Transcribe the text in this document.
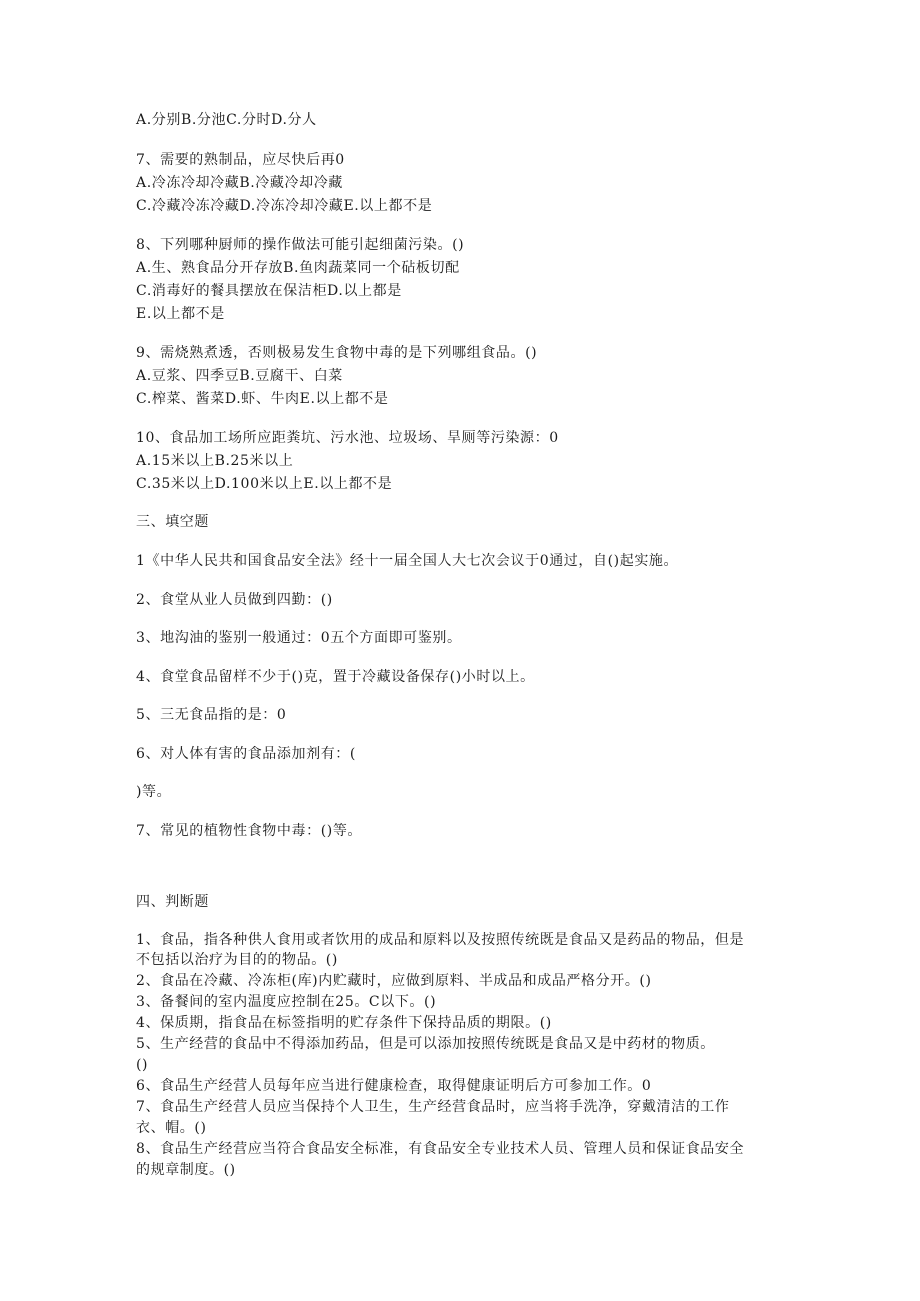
A.分别B.分池C.分时D.分人
7、需要的熟制品，应尽快后再0
A.冷冻冷却冷藏B.冷藏冷却冷藏
C.冷藏冷冻冷藏D.冷冻冷却冷藏E.以上都不是
8、下列哪种厨师的操作做法可能引起细菌污染。()
A.生、熟食品分开存放B.鱼肉蔬菜同一个砧板切配
C.消毒好的餐具摆放在保洁柜D.以上都是
E.以上都不是
9、需烧熟煮透，否则极易发生食物中毒的是下列哪组食品。()
A.豆浆、四季豆B.豆腐干、白菜
C.榨菜、酱菜D.虾、牛肉E.以上都不是
10、食品加工场所应距粪坑、污水池、垃圾场、旱厕等污染源：0
A.15米以上B.25米以上
C.35米以上D.100米以上E.以上都不是
三、填空题
1《中华人民共和国食品安全法》经十一届全国人大七次会议于0通过，自()起实施。
2、食堂从业人员做到四勤：()
3、地沟油的鉴别一般通过：0五个方面即可鉴别。
4、食堂食品留样不少于()克，置于冷藏设备保存()小时以上。
5、三无食品指的是：0
6、对人体有害的食品添加剂有：(
)等。
7、常见的植物性食物中毒：()等。
四、判断题
1、食品，指各种供人食用或者饮用的成品和原料以及按照传统既是食品又是药品的物品，但是
不包括以治疗为目的的物品。()
2、食品在冷藏、冷冻柜(库)内贮藏时，应做到原料、半成品和成品严格分开。()
3、备餐间的室内温度应控制在25。C以下。()
4、保质期，指食品在标签指明的贮存条件下保持品质的期限。()
5、生产经营的食品中不得添加药品，但是可以添加按照传统既是食品又是中药材的物质。
()
6、食品生产经营人员每年应当进行健康检查，取得健康证明后方可参加工作。0
7、食品生产经营人员应当保持个人卫生，生产经营食品时，应当将手洗净，穿戴清洁的工作
衣、帽。()
8、食品生产经营应当符合食品安全标准，有食品安全专业技术人员、管理人员和保证食品安全
的规章制度。()
